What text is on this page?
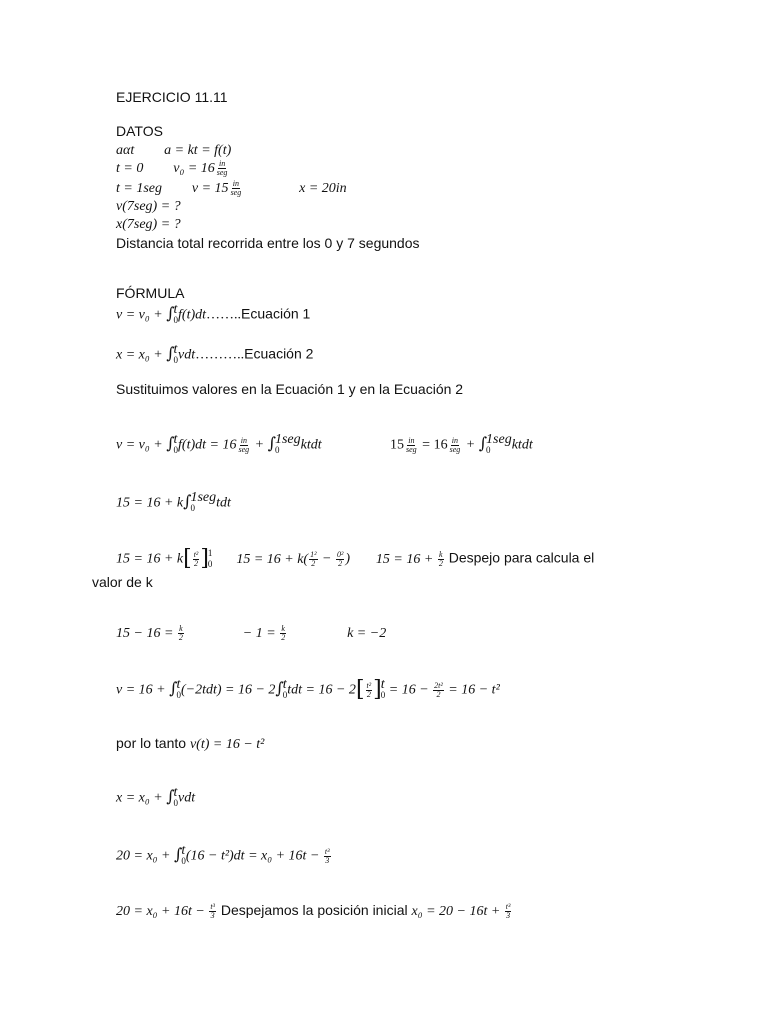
EJERCICIO 11.11
DATOS
aαt a = kt = f(t)
t = 0 $v_0 = 16 \frac{in}{\text{seg}}$
t = 1seg $v = 15 \frac{in}{\text{seg}}$	x = 20in
v(7seg) = ?
x(7seg) = ?
Distancia total recorrida entre los 0 y 7 segundos
FÓRMULA
v = v₀ + ∫ t
0 f(t)dt……..Ecuación 1
x = x₀ + ∫ t
0 vdt………..Ecuación 2
Sustituimos valores en la Ecuación 1 y en la Ecuación 2
v = v₀ + ∫ t
0 $f(t)dt = 16 \frac{in}{\text{seg}}$ + ∫ 1seg
0	ktdt	$15 \frac{in}{\text{seg}} = 16 \frac{in}{\text{seg}}$ + ∫ 1seg
0	ktdt
15 = 16 + k∫ 1seg
0	tdt
$15 = 16 + k[ \frac{\text{t²}}{2}$ ] 1
0 $15 = 16 + k( \frac{\text{1²}}{2} - \frac{\text{0²}}{2}$ ) $15 = 16 + \frac{k}{2}$ Despejo para calcula el
valor de k
$15 - 16 = \frac{k}{2}$	− $1 = \frac{k}{2}$	k = −2
v = 16 + ∫ t
0 (−2tdt) = 16 − 2∫ t
0 tdt = $16 - 2[ \frac{\text{t²}}{2}$ ] t
$0 = 16 - \frac{\text{2t²}}{2} = 16 - t^2$
por lo tanto v(t) = 16 − t²
x = x₀ + ∫ t
0 vdt
20 = x₀ + ∫ t
0 $(16 - t^2)dt = x_0 + 16t - \frac{\text{t³}}{3}$
$20 = x_0 + 16t - \frac{\text{t³}}{3}$ Despejamos la posición inicial $x_0 = 20 - 16t + \frac{\text{t³}}{3}$
